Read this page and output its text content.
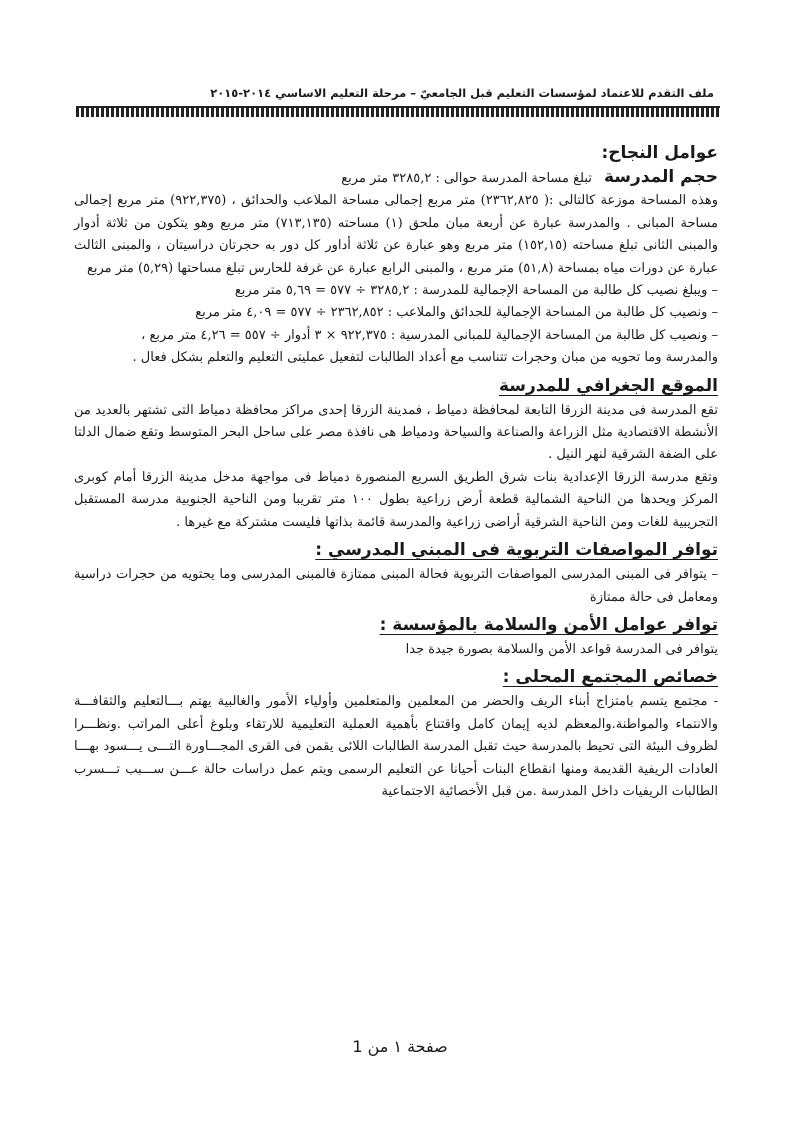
ملف التقدم للاعتماد لمؤسسات التعليم قبل الجامعيّ – مرحلة التعليم الاساسي ٢٠١٤-٢٠١٥

عوامل النجاح:

حجم المدرسة تبلغ مساحة المدرسة حوالى : ٣٢٨٥,٢ متر مربع

وهذه المساحة موزعة كالتالى :( ٢٣٦٢,٨٢٥) متر مربع إجمالى مساحة الملاعب والحدائق ، (٩٢٢,٣٧٥) متر مربع إجمالى مساحة المبانى . والمدرسة عبارة عن أربعة مبان ملحق (١) مساحته (٧١٣,١٣٥) متر مربع وهو يتكون من ثلاثة أدوار والمبنى الثانى تبلغ مساحته (١٥٢,١٥) متر مربع وهو عبارة عن ثلاثة أداور كل دور به حجرتان دراسيتان ، والمبنى الثالث عبارة عن دورات مياه بمساحة (٥١,٨) متر مربع ، والمبنى الرابع عبارة عن غرفة للحارس تبلغ مساحتها (٥,٢٩) متر مربع

– ويبلغ نصيب كل طالبة من المساحة الإجمالية للمدرسة : ٣٢٨٥,٢ ÷ ٥٧٧ = ٥,٦٩ متر مربع

– ونصيب كل طالبة من المساحة الإجمالية للحدائق والملاعب : ٢٣٦٢,٨٥٢ ÷ ٥٧٧ = ٤,٠٩ متر مربع

– ونصيب كل طالبة من المساحة الإجمالية للمبانى المدرسية : ٩٢٢,٣٧٥ × ٣ أدوار ÷ ٥٥٧ = ٤,٢٦ متر مربع ،

والمدرسة وما تحويه من مبان وحجرات تتناسب مع أعداد الطالبات لتفعيل عمليتى التعليم والتعلم بشكل فعال .

الموقع الجغرافي للمدرسة

تقع المدرسة فى مدينة الزرقا التابعة لمحافظة دمياط ، فمدينة الزرقا إحدى مراكز محافظة دمياط التى تشتهر بالعديد من الأنشطة الاقتصادية مثل الزراعة والصناعة والسياحة ودمياط هى نافذة مصر على ساحل البحر المتوسط وتقع ضمال الدلتا على الضفة الشرقية لنهر النيل .

وتقع مدرسة الزرقا الإعدادية بنات شرق الطريق السريع المنصورة دمياط فى مواجهة مدخل مدينة الزرقا أمام كوبرى المركز ويحدها من الناحية الشمالية قطعة أرض زراعية بطول ١٠٠ متر تقريبا ومن الناحية الجنوبية مدرسة المستقبل التجريبية للغات ومن الناحية الشرقية أراضى زراعية والمدرسة قائمة بذاتها فليست مشتركة مع غيرها .

توافر المواصفات التربوية فى المبني المدرسي :

– يتوافر فى المبنى المدرسى المواصفات التربوية فحالة المبنى ممتازة فالمبنى المدرسى وما يحتويه من حجرات دراسية ومعامل فى حالة ممتازة

توافر عوامل الأمن والسلامة بالمؤسسة :

يتوافر فى المدرسة قواعد الأمن والسلامة بصورة جيدة جدا

خصائص المجتمع المحلى :

- مجتمع يتسم بامتزاج أبناء الريف والحضر من المعلمين والمتعلمين وأولياء الأمور والغالبية يهتم بـــالتعليم والثقافـــة والانتماء والمواطنة.والمعظم لديه إيمان كامل واقتناع بأهمية العملية التعليمية للارتقاء وبلوغ أعلى المراتب .ونظـــرا لظروف البيئة التى تحيط بالمدرسة حيث تقبل المدرسة الطالبات اللائى يقمن فى القرى المجـــاورة التـــى يـــسود بهـــا العادات الريفية القديمة ومنها انقطاع البنات أحيانا عن التعليم الرسمى ويتم عمل دراسات حالة عـــن ســـبب تـــسرب الطالبات الريفيات داخل المدرسة .من قبل الأخصائية الاجتماعية

صفحة ١ من 1
